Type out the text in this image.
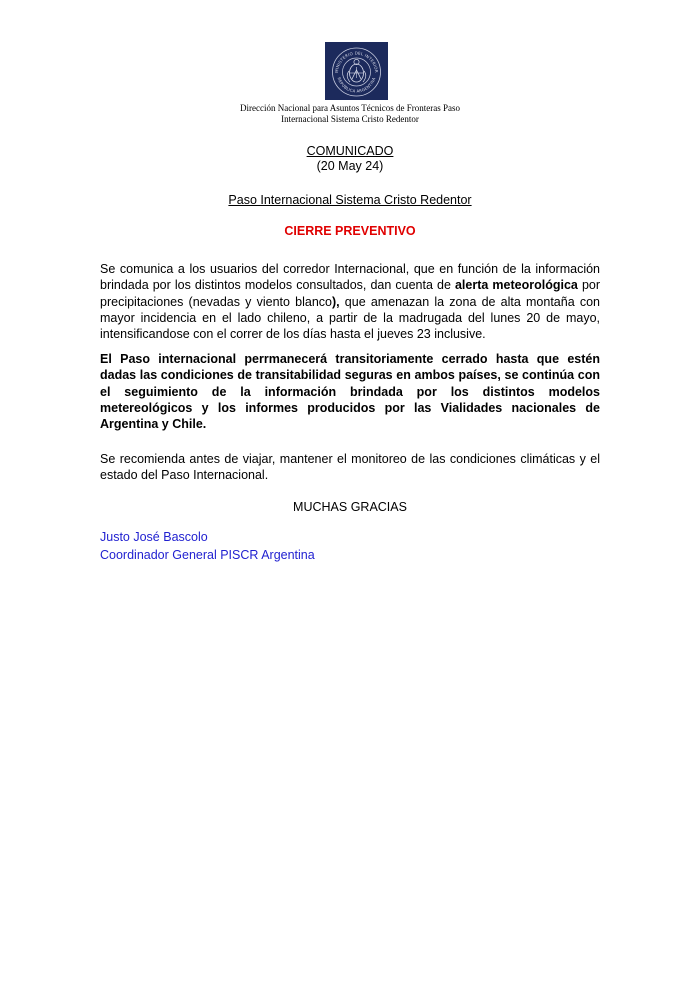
MINISTERIO DEL INTERIOR
REPÚBLICA ARGENTINA
Dirección Nacional para Asuntos Técnicos de Fronteras Paso
Internacional Sistema Cristo Redentor
COMUNICADO
(20 May 24)
Paso Internacional Sistema Cristo Redentor
CIERRE PREVENTIVO

Se comunica a los usuarios del corredor Internacional, que en función de la información brindada por los distintos modelos consultados, dan cuenta de alerta meteorológica por precipitaciones (nevadas y viento blanco), que amenazan la zona de alta montaña con mayor incidencia en el lado chileno, a partir de la madrugada del lunes 20 de mayo, intensificandose con el correr de los días hasta el jueves 23 inclusive.

El Paso internacional perrmanecerá transitoriamente cerrado hasta que estén dadas las condiciones de transitabilidad seguras en ambos países, se continúa con el seguimiento de la información brindada por los distintos modelos metereológicos y los informes producidos por las Vialidades nacionales de Argentina y Chile.

Se recomienda antes de viajar, mantener el monitoreo de las condiciones climáticas y el estado del Paso Internacional.

MUCHAS GRACIAS
Justo José Bascolo
Coordinador General PISCR Argentina
